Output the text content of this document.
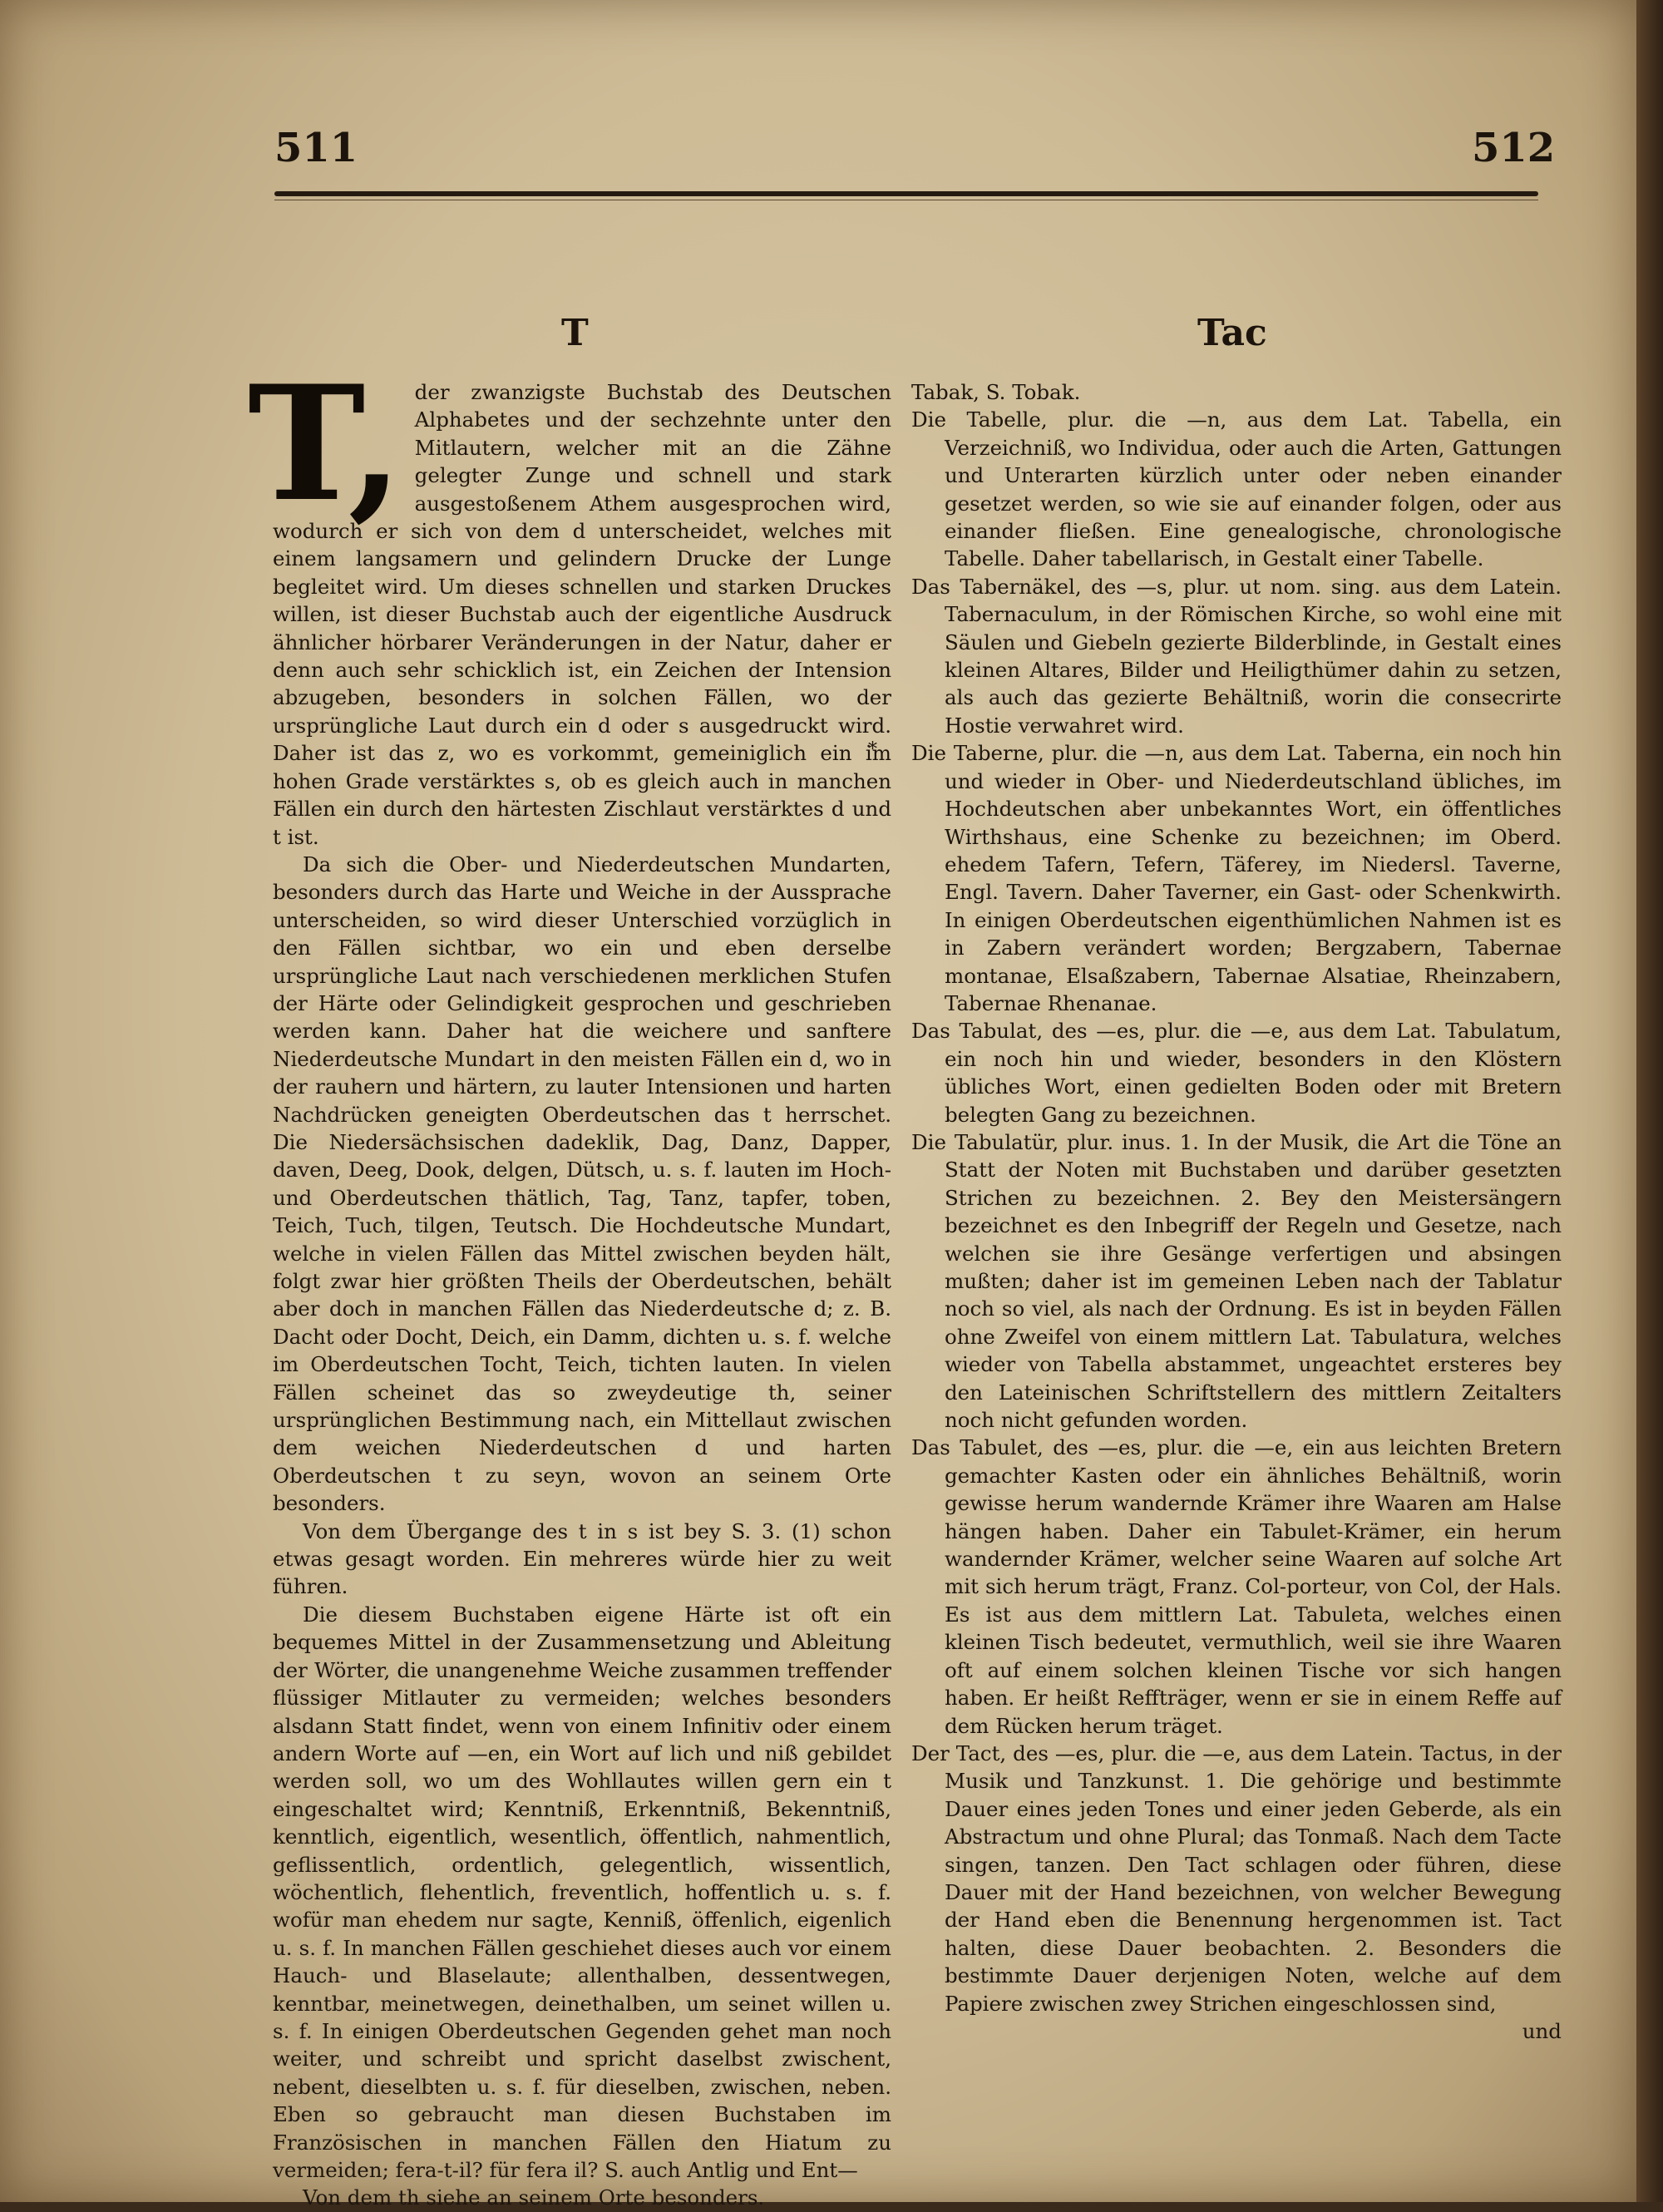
511	512
T	Tac

T, der zwanzigste Buchstab des Deutschen Alphabetes und der sechzehnte unter den Mitlautern, welcher mit an die Zähne gelegter Zunge und schnell und stark ausgestoßenem Athem ausgesprochen wird, wodurch er sich von dem d unterscheidet, welches mit einem langsamern und gelindern Drucke der Lunge begleitet wird. Um dieses schnellen und starken Druckes willen, ist dieser Buchstab auch der eigentliche Ausdruck ähnlicher hörbarer Veränderungen in der Natur, daher er denn auch sehr schicklich ist, ein Zeichen der Intension abzugeben, besonders in solchen Fällen, wo der ursprüngliche Laut durch ein d oder s ausgedruckt wird. Daher ist das z, wo es vorkommt, gemeiniglich ein im hohen Grade verstärktes s, ob es gleich auch in manchen Fällen ein durch den härtesten Zischlaut verstärktes d und t ist.

Da sich die Ober- und Niederdeutschen Mundarten, besonders durch das Harte und Weiche in der Aussprache unterscheiden, so wird dieser Unterschied vorzüglich in den Fällen sichtbar, wo ein und eben derselbe ursprüngliche Laut nach verschiedenen merklichen Stufen der Härte oder Gelindigkeit gesprochen und geschrieben werden kann. Daher hat die weichere und sanftere Niederdeutsche Mundart in den meisten Fällen ein d, wo in der rauhern und härtern, zu lauter Intensionen und harten Nachdrücken geneigten Oberdeutschen das t herrschet. Die Niedersächsischen dadeklik, Dag, Danz, Dapper, daven, Deeg, Dook, delgen, Dütsch, u. s. f. lauten im Hoch- und Oberdeutschen thätlich, Tag, Tanz, tapfer, toben, Teich, Tuch, tilgen, Teutsch. Die Hochdeutsche Mundart, welche in vielen Fällen das Mittel zwischen beyden hält, folgt zwar hier größten Theils der Oberdeutschen, behält aber doch in manchen Fällen das Niederdeutsche d; z. B. Dacht oder Docht, Deich, ein Damm, dichten u. s. f. welche im Oberdeutschen Tocht, Teich, tichten lauten. In vielen Fällen scheinet das so zweydeutige th, seiner ursprünglichen Bestimmung nach, ein Mittellaut zwischen dem weichen Niederdeutschen d und harten Oberdeutschen t zu seyn, wovon an seinem Orte besonders.

Von dem Übergange des t in s ist bey S. 3. (1) schon etwas gesagt worden. Ein mehreres würde hier zu weit führen.

Die diesem Buchstaben eigene Härte ist oft ein bequemes Mittel in der Zusammensetzung und Ableitung der Wörter, die unangenehme Weiche zusammen treffender flüssiger Mitlauter zu vermeiden; welches besonders alsdann Statt findet, wenn von einem Infinitiv oder einem andern Worte auf —en, ein Wort auf lich und niß gebildet werden soll, wo um des Wohllautes willen gern ein t eingeschaltet wird; Kenntniß, Erkenntniß, Bekenntniß, kenntlich, eigentlich, wesentlich, öffentlich, nahmentlich, geflissentlich, ordentlich, gelegentlich, wissentlich, wöchentlich, flehentlich, freventlich, hoffentlich u. s. f. wofür man ehedem nur sagte, Kenniß, öffenlich, eigenlich u. s. f. In manchen Fällen geschiehet dieses auch vor einem Hauch- und Blaselaute; allenthalben, dessentwegen, kenntbar, meinetwegen, deinethalben, um seinet willen u. s. f. In einigen Oberdeutschen Gegenden gehet man noch weiter, und schreibt und spricht daselbst zwischent, nebent, dieselbten u. s. f. für dieselben, zwischen, neben. Eben so gebraucht man diesen Buchstaben im Französischen in manchen Fällen den Hiatum zu vermeiden; fera-t-il? für fera il? S. auch Antlig und Ent—

Von dem th siehe an seinem Orte besonders.

Tabak, S. Tobak.

Die Tabelle, plur. die —n, aus dem Lat. Tabella, ein Verzeichniß, wo Individua, oder auch die Arten, Gattungen und Unterarten kürzlich unter oder neben einander gesetzet werden, so wie sie auf einander folgen, oder aus einander fließen. Eine genealogische, chronologische Tabelle. Daher tabellarisch, in Gestalt einer Tabelle.

Das Tabernäkel, des —s, plur. ut nom. sing. aus dem Latein. Tabernaculum, in der Römischen Kirche, so wohl eine mit Säulen und Giebeln gezierte Bilderblinde, in Gestalt eines kleinen Altares, Bilder und Heiligthümer dahin zu setzen, als auch das gezierte Behältniß, worin die consecrirte Hostie verwahret wird.

* Die Taberne, plur. die —n, aus dem Lat. Taberna, ein noch hin und wieder in Ober- und Niederdeutschland übliches, im Hochdeutschen aber unbekanntes Wort, ein öffentliches Wirthshaus, eine Schenke zu bezeichnen; im Oberd. ehedem Tafern, Tefern, Täferey, im Niedersl. Taverne, Engl. Tavern. Daher Taverner, ein Gast- oder Schenkwirth. In einigen Oberdeutschen eigenthümlichen Nahmen ist es in Zabern verändert worden; Bergzabern, Tabernae montanae, Elsaßzabern, Tabernae Alsatiae, Rheinzabern, Tabernae Rhenanae.

Das Tabulat, des —es, plur. die —e, aus dem Lat. Tabulatum, ein noch hin und wieder, besonders in den Klöstern übliches Wort, einen gedielten Boden oder mit Bretern belegten Gang zu bezeichnen.

Die Tabulatür, plur. inus. 1. In der Musik, die Art die Töne an Statt der Noten mit Buchstaben und darüber gesetzten Strichen zu bezeichnen. 2. Bey den Meistersängern bezeichnet es den Inbegriff der Regeln und Gesetze, nach welchen sie ihre Gesänge verfertigen und absingen mußten; daher ist im gemeinen Leben nach der Tablatur noch so viel, als nach der Ordnung. Es ist in beyden Fällen ohne Zweifel von einem mittlern Lat. Tabulatura, welches wieder von Tabella abstammet, ungeachtet ersteres bey den Lateinischen Schriftstellern des mittlern Zeitalters noch nicht gefunden worden.

Das Tabulet, des —es, plur. die —e, ein aus leichten Bretern gemachter Kasten oder ein ähnliches Behältniß, worin gewisse herum wandernde Krämer ihre Waaren am Halse hängen haben. Daher ein Tabulet-Krämer, ein herum wandernder Krämer, welcher seine Waaren auf solche Art mit sich herum trägt, Franz. Col-porteur, von Col, der Hals. Es ist aus dem mittlern Lat. Tabuleta, welches einen kleinen Tisch bedeutet, vermuthlich, weil sie ihre Waaren oft auf einem solchen kleinen Tische vor sich hangen haben. Er heißt Reffträger, wenn er sie in einem Reffe auf dem Rücken herum träget.

Der Tact, des —es, plur. die —e, aus dem Latein. Tactus, in der Musik und Tanzkunst. 1. Die gehörige und bestimmte Dauer eines jeden Tones und einer jeden Geberde, als ein Abstractum und ohne Plural; das Tonmaß. Nach dem Tacte singen, tanzen. Den Tact schlagen oder führen, diese Dauer mit der Hand bezeichnen, von welcher Bewegung der Hand eben die Benennung hergenommen ist. Tact halten, diese Dauer beobachten. 2. Besonders die bestimmte Dauer derjenigen Noten, welche auf dem Papiere zwischen zwey Strichen eingeschlossen sind,

und
